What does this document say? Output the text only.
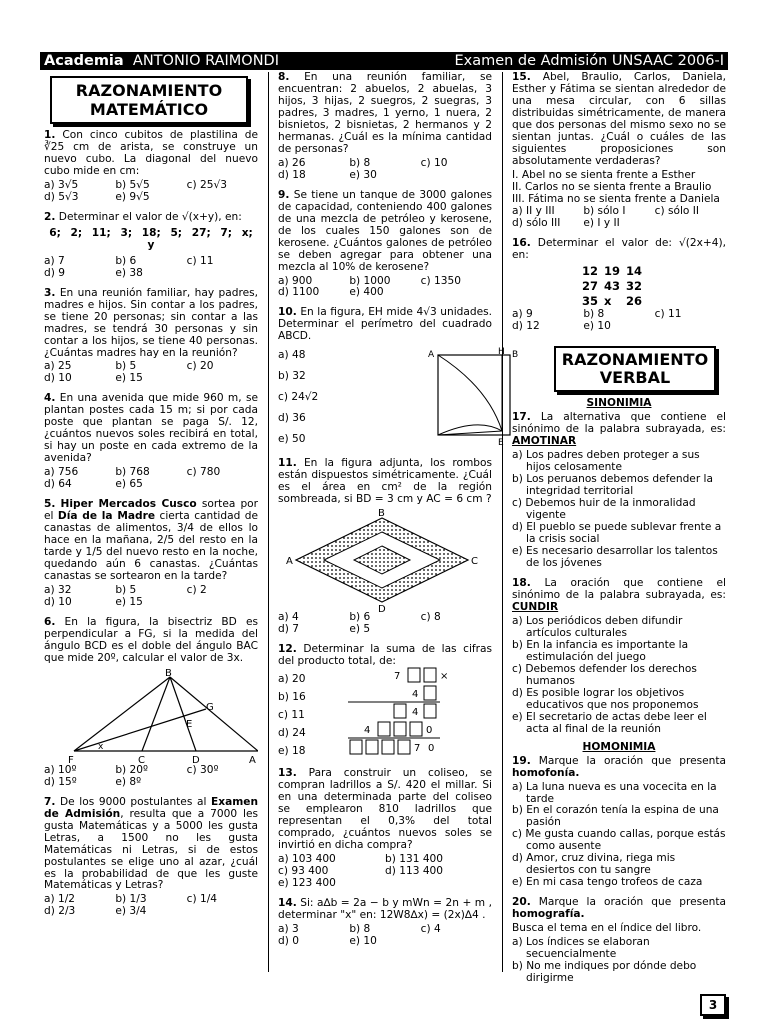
Academia ANTONIO RAIMONDI	Examen de Admisión UNSAAC 2006-I
RAZONAMIENTO MATEMÁTICO

1. Con cinco cubitos de plastilina de ∛25 cm de arista, se construye un nuevo cubo. La diagonal del nuevo cubo mide en cm:

a) 3√5	b) 5√5	c) 25√3
d) 5√3	e) 9√5

2. Determinar el valor de √(x+y), en:

6; 2; 11; 3; 18; 5; 27; 7; x; y
a) 7	b) 6	c) 11
d) 9	e) 38

3. En una reunión familiar, hay padres, madres e hijos. Sin contar a los padres, se tiene 20 personas; sin contar a las madres, se tendrá 30 personas y sin contar a los hijos, se tiene 40 personas. ¿Cuántas madres hay en la reunión?

a) 25	b) 5	c) 20
d) 10	e) 15

4. En una avenida que mide 960 m, se plantan postes cada 15 m; si por cada poste que plantan se paga S/. 12, ¿cuántos nuevos soles recibirá en total, si hay un poste en cada extremo de la avenida?

a) 756	b) 768	c) 780
d) 64	e) 65

5. Hiper Mercados Cusco sortea por el Día de la Madre cierta cantidad de canastas de alimentos, 3/4 de ellos lo hace en la mañana, 2/5 del resto en la tarde y 1/5 del nuevo resto en la noche, quedando aún 6 canastas. ¿Cuántas canastas se sortearon en la tarde?

a) 32	b) 5	c) 2
d) 10	e) 15

6. En la figura, la bisectriz BD es perpendicular a FG, si la medida del ángulo BCD es el doble del ángulo BAC que mide 20º, calcular el valor de 3x.

B
G
E
x
F	C	D	A
a) 10º	b) 20º	c) 30º
d) 15º	e) 8º

7. De los 9000 postulantes al Examen de Admisión, resulta que a 7000 les gusta Matemáticas y a 5000 les gusta Letras, a 1500 no les gusta Matemáticas ni Letras, si de estos postulantes se elige uno al azar, ¿cuál es la probabilidad de que les guste Matemáticas y Letras?

a) 1/2	b) 1/3	c) 1/4
d) 2/3	e) 3/4

8. En una reunión familiar, se encuentran: 2 abuelos, 2 abuelas, 3 hijos, 3 hijas, 2 suegros, 2 suegras, 3 padres, 3 madres, 1 yerno, 1 nuera, 2 bisnietos, 2 bisnietas, 2 hermanos y 2 hermanas. ¿Cuál es la mínima cantidad de personas?

a) 26	b) 8	c) 10
d) 18	e) 30

9. Se tiene un tanque de 3000 galones de capacidad, conteniendo 400 galones de una mezcla de petróleo y kerosene, de los cuales 150 galones son de kerosene. ¿Cuántos galones de petróleo se deben agregar para obtener una mezcla al 10% de kerosene?

a) 900	b) 1000	c) 1350
d) 1100	e) 400

10. En la figura, EH mide 4√3 unidades. Determinar el perímetro del cuadrado ABCD.

a) 48
b) 32
c) 24√2
d) 36
e) 50
A	H B
E

11. En la figura adjunta, los rombos están dispuestos simétricamente. ¿Cuál es el área en cm² de la región sombreada, si BD = 3 cm y AC = 6 cm ?

B
A	C
D
a) 4	b) 6	c) 8
d) 7	e) 5

12. Determinar la suma de las cifras del producto total, de:

a) 20
b) 16
c) 11
d) 24
e) 18
7	×
4
4
4	0
7 0

13. Para construir un coliseo, se compran ladrillos a S/. 420 el millar. Si en una determinada parte del coliseo se emplearon 810 ladrillos que representan el 0,3% del total comprado, ¿cuántos nuevos soles se invirtió en dicha compra?

a) 103 400	b) 131 400
c) 93 400	d) 113 400
e) 123 400

14. Si: a∆b = 2a − b y mWn = 2n + m , determinar "x" en: 12W8∆x) = (2x)∆4 .

a) 3	b) 8	c) 4
d) 0	e) 10

15. Abel, Braulio, Carlos, Daniela, Esther y Fátima se sientan alrededor de una mesa circular, con 6 sillas distribuidas simétricamente, de manera que dos personas del mismo sexo no se sientan juntas. ¿Cuál o cuáles de las siguientes proposiciones son absolutamente verdaderas?

I. Abel no se sienta frente a Esther
II. Carlos no se sienta frente a Braulio
III. Fátima no se sienta frente a Daniela
a) II y III	b) sólo I	c) sólo II
d) sólo III	e) I y II

16. Determinar el valor de: √(2x+4), en:

12 19 14
27 43 32
35 x 26
a) 9	b) 8	c) 11
d) 12	e) 10
RAZONAMIENTO VERBAL
SINONIMIA

17. La alternativa que contiene el sinónimo de la palabra subrayada, es: AMOTINAR

a) Los padres deben proteger a sus hijos celosamente
b) Los peruanos debemos defender la integridad territorial
c) Debemos huir de la inmoralidad vigente
d) El pueblo se puede sublevar frente a la crisis social
e) Es necesario desarrollar los talentos de los jóvenes

18. La oración que contiene el sinónimo de la palabra subrayada, es: CUNDIR

a) Los periódicos deben difundir artículos culturales
b) En la infancia es importante la estimulación del juego
c) Debemos defender los derechos humanos
d) Es posible lograr los objetivos educativos que nos proponemos
e) El secretario de actas debe leer el acta al final de la reunión
HOMONIMIA

19. Marque la oración que presenta homofonía.

a) La luna nueva es una vocecita en la tarde
b) En el corazón tenía la espina de una pasión
c) Me gusta cuando callas, porque estás como ausente
d) Amor, cruz divina, riega mis desiertos con tu sangre
e) En mi casa tengo trofeos de caza

20. Marque la oración que presenta homografía.

Busca el tema en el índice del libro.

a) Los índices se elaboran secuencialmente
b) No me indiques por dónde debo dirigirme
3
